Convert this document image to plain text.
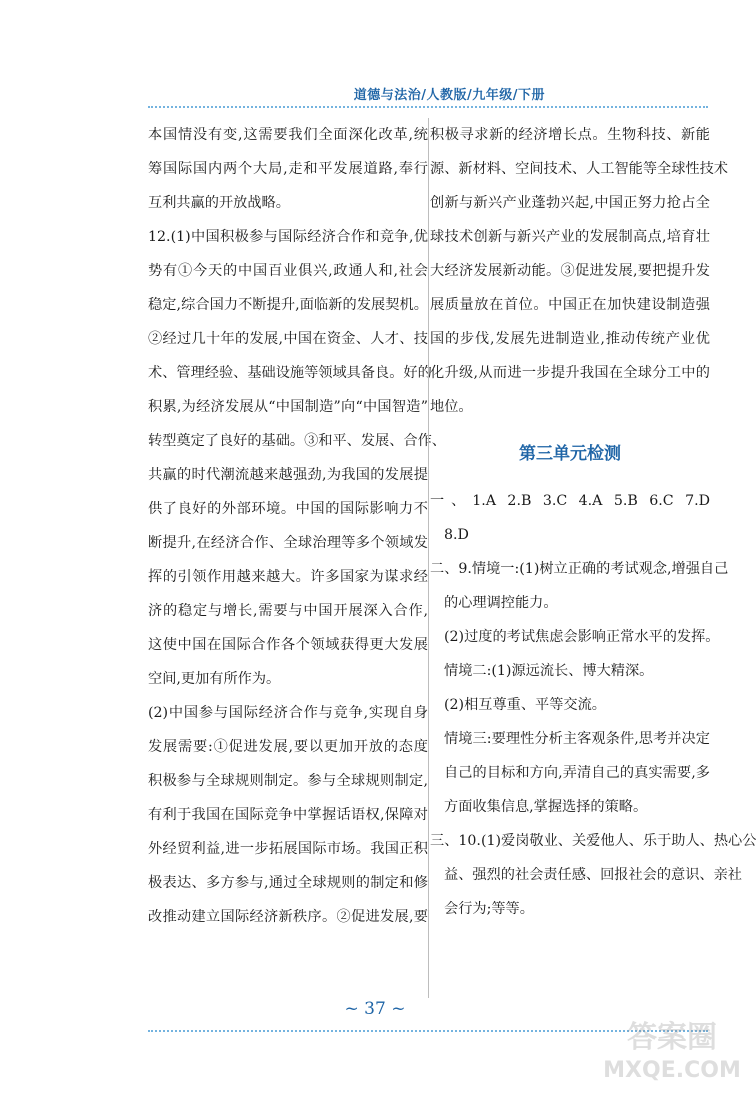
道德与法治/人教版/九年级/下册
本国情没有变,这需要我们全面深化改革,统
筹国际国内两个大局,走和平发展道路,奉行
互利共赢的开放战略。
12.(1)中国积极参与国际经济合作和竞争,优
势有①今天的中国百业俱兴,政通人和,社会
稳定,综合国力不断提升,面临新的发展契机。
②经过几十年的发展,中国在资金、人才、技
术、管理经验、基础设施等领域具备良。好的
积累,为经济发展从“中国制造”向“中国智造”
转型奠定了良好的基础。③和平、发展、合作、
共赢的时代潮流越来越强劲,为我国的发展提
供了良好的外部环境。中国的国际影响力不
断提升,在经济合作、全球治理等多个领域发
挥的引领作用越来越大。许多国家为谋求经
济的稳定与增长,需要与中国开展深入合作,
这使中国在国际合作各个领域获得更大发展
空间,更加有所作为。
(2)中国参与国际经济合作与竞争,实现自身
发展需要:①促进发展,要以更加开放的态度
积极参与全球规则制定。参与全球规则制定,
有利于我国在国际竞争中掌握话语权,保障对
外经贸利益,进一步拓展国际市场。我国正积
极表达、多方参与,通过全球规则的制定和修
改推动建立国际经济新秩序。②促进发展,要
积极寻求新的经济增长点。生物科技、新能
源、新材料、空间技术、人工智能等全球性技术
创新与新兴产业蓬勃兴起,中国正努力抢占全
球技术创新与新兴产业的发展制高点,培育壮
大经济发展新动能。③促进发展,要把提升发
展质量放在首位。中国正在加快建设制造强
国的步伐,发展先进制造业,推动传统产业优
化升级,从而进一步提升我国在全球分工中的
地位。
第三单元检测
一、1.A 2.B 3.C 4.A 5.B 6.C 7.D
8.D
二、9.情境一:(1)树立正确的考试观念,增强自己
的心理调控能力。
(2)过度的考试焦虑会影响正常水平的发挥。
情境二:(1)源远流长、博大精深。
(2)相互尊重、平等交流。
情境三:要理性分析主客观条件,思考并决定
自己的目标和方向,弄清自己的真实需要,多
方面收集信息,掌握选择的策略。
三、10.(1)爱岗敬业、关爱他人、乐于助人、热心公
益、强烈的社会责任感、回报社会的意识、亲社
会行为;等等。
~ 37 ~
答案圈
MXQE.COM
